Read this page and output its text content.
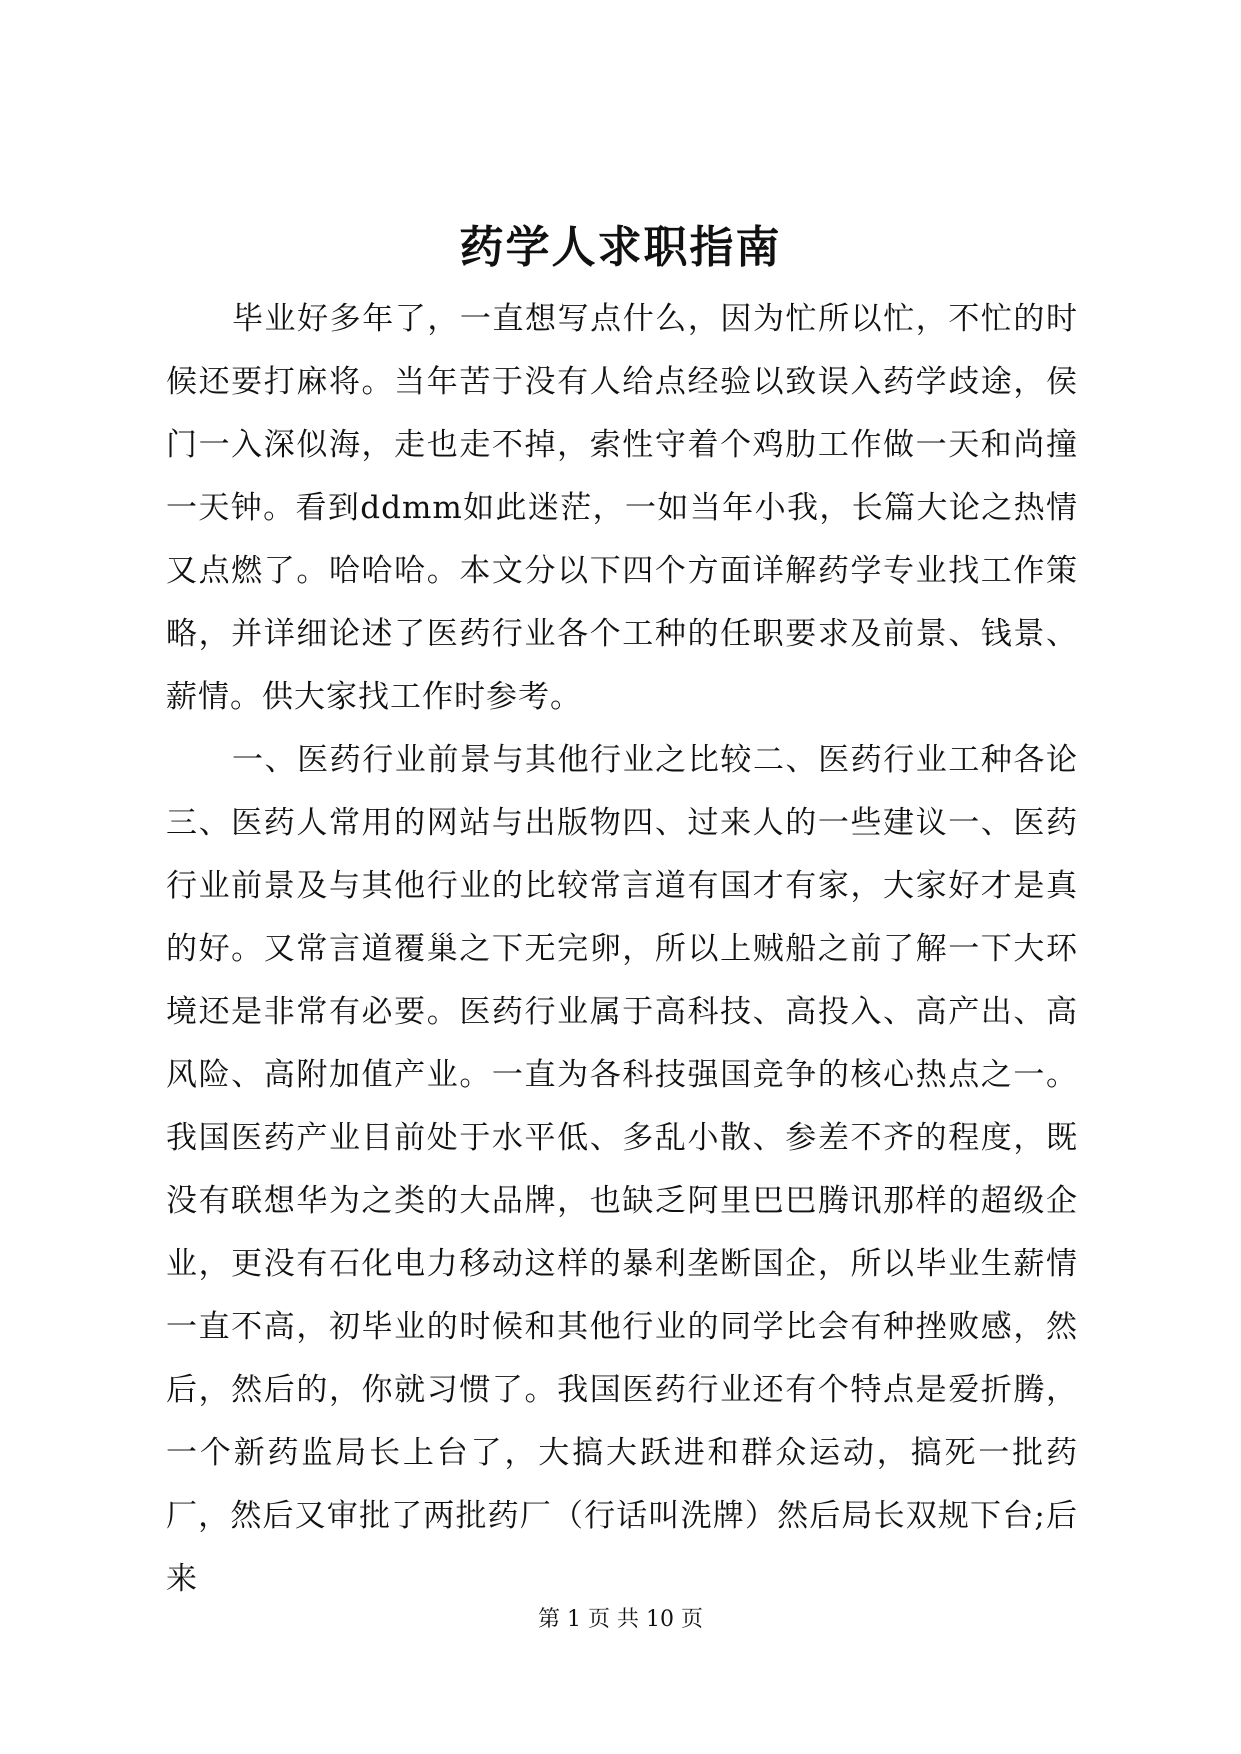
药学人求职指南

毕业好多年了，一直想写点什么，因为忙所以忙，不忙的时候还要打麻将。当年苦于没有人给点经验以致误入药学歧途，侯门一入深似海，走也走不掉，索性守着个鸡肋工作做一天和尚撞一天钟。看到ddmm如此迷茫，一如当年小我，长篇大论之热情又点燃了。哈哈哈。本文分以下四个方面详解药学专业找工作策略，并详细论述了医药行业各个工种的任职要求及前景、钱景、薪情。供大家找工作时参考。

一、医药行业前景与其他行业之比较二、医药行业工种各论三、医药人常用的网站与出版物四、过来人的一些建议一、医药行业前景及与其他行业的比较常言道有国才有家，大家好才是真的好。又常言道覆巢之下无完卵，所以上贼船之前了解一下大环境还是非常有必要。医药行业属于高科技、高投入、高产出、高风险、高附加值产业。一直为各科技强国竞争的核心热点之一。我国医药产业目前处于水平低、多乱小散、参差不齐的程度，既没有联想华为之类的大品牌，也缺乏阿里巴巴腾讯那样的超级企业，更没有石化电力移动这样的暴利垄断国企，所以毕业生薪情一直不高，初毕业的时候和其他行业的同学比会有种挫败感，然后，然后的，你就习惯了。我国医药行业还有个特点是爱折腾，一个新药监局长上台了，大搞大跃进和群众运动，搞死一批药厂，然后又审批了两批药厂（行话叫洗牌）然后局长双规下台;后来

第 1 页 共 10 页
